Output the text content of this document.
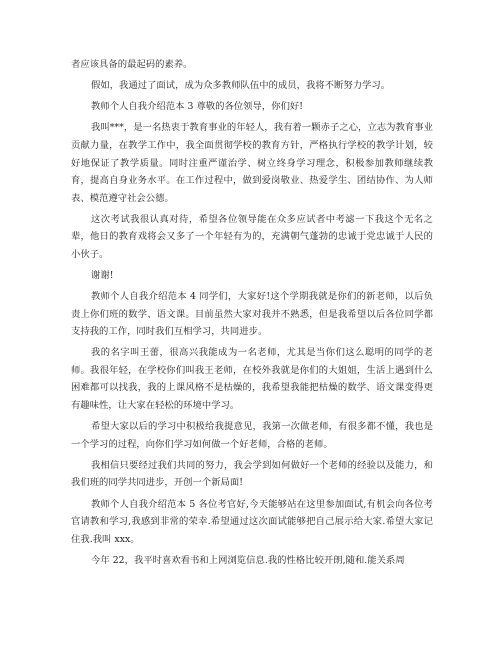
者应该具备的最起码的素养。

假如，我通过了面试，成为众多教师队伍中的成员，我将不断努力学习。

教师个人自我介绍范本 3 尊敬的各位领导，你们好!

我叫***，是一名热衷于教育事业的年轻人，我有着一颗赤子之心，立志为教育事业贡献力量，在教学工作中，我全面贯彻学校的教育方针，严格执行学校的教学计划，较好地保证了教学质量。同时注重严谨治学、树立终身学习理念，积极参加教师继续教育，提高自身业务水平。在工作过程中，做到爱岗敬业、热爱学生、团结协作、为人师表、模范遵守社会公德。

这次考试我很认真对待，希望各位领导能在众多应试者中考滤一下我这个无名之辈，他日的教育戏将会又多了一个年轻有为的，充满朝气蓬勃的忠诚于党忠诚于人民的小伙子。

谢谢!

教师个人自我介绍范本 4 同学们，大家好!这个学期我就是你们的新老师，以后负责上你们班的数学、语文课。目前虽然大家对我并不熟悉，但是我希望以后各位同学都支持我的工作，同时我们互相学习，共同进步。

我的名字叫王蕾，很高兴我能成为一名老师，尤其是当你们这么聪明的同学的老师。我很年轻，在学校你们叫我王老师，在校外我就是你们的大姐姐，生活上遇到什么困难都可以找我，我的上课风格不是枯燥的，我希望我能把枯燥的数学、语文课变得更有趣味性，让大家在轻松的环境中学习。

希望大家以后的学习中积极给我提意见，我第一次做老师，有很多都不懂，我也是一个学习的过程，向你们学习如何做一个好老师，合格的老师。

我相信只要经过我们共同的努力，我会学到如何做好一个老师的经验以及能力，和我们班的同学共同进步，开创一个新局面!

教师个人自我介绍范本 5 各位考官好,今天能够站在这里参加面试,有机会向各位考官请教和学习,我感到非常的荣幸.希望通过这次面试能够把自己展示给大家.希望大家记住我.我叫 xxx。

今年 22，我平时喜欢看书和上网浏览信息.我的性格比较开朗,随和.能关系周
